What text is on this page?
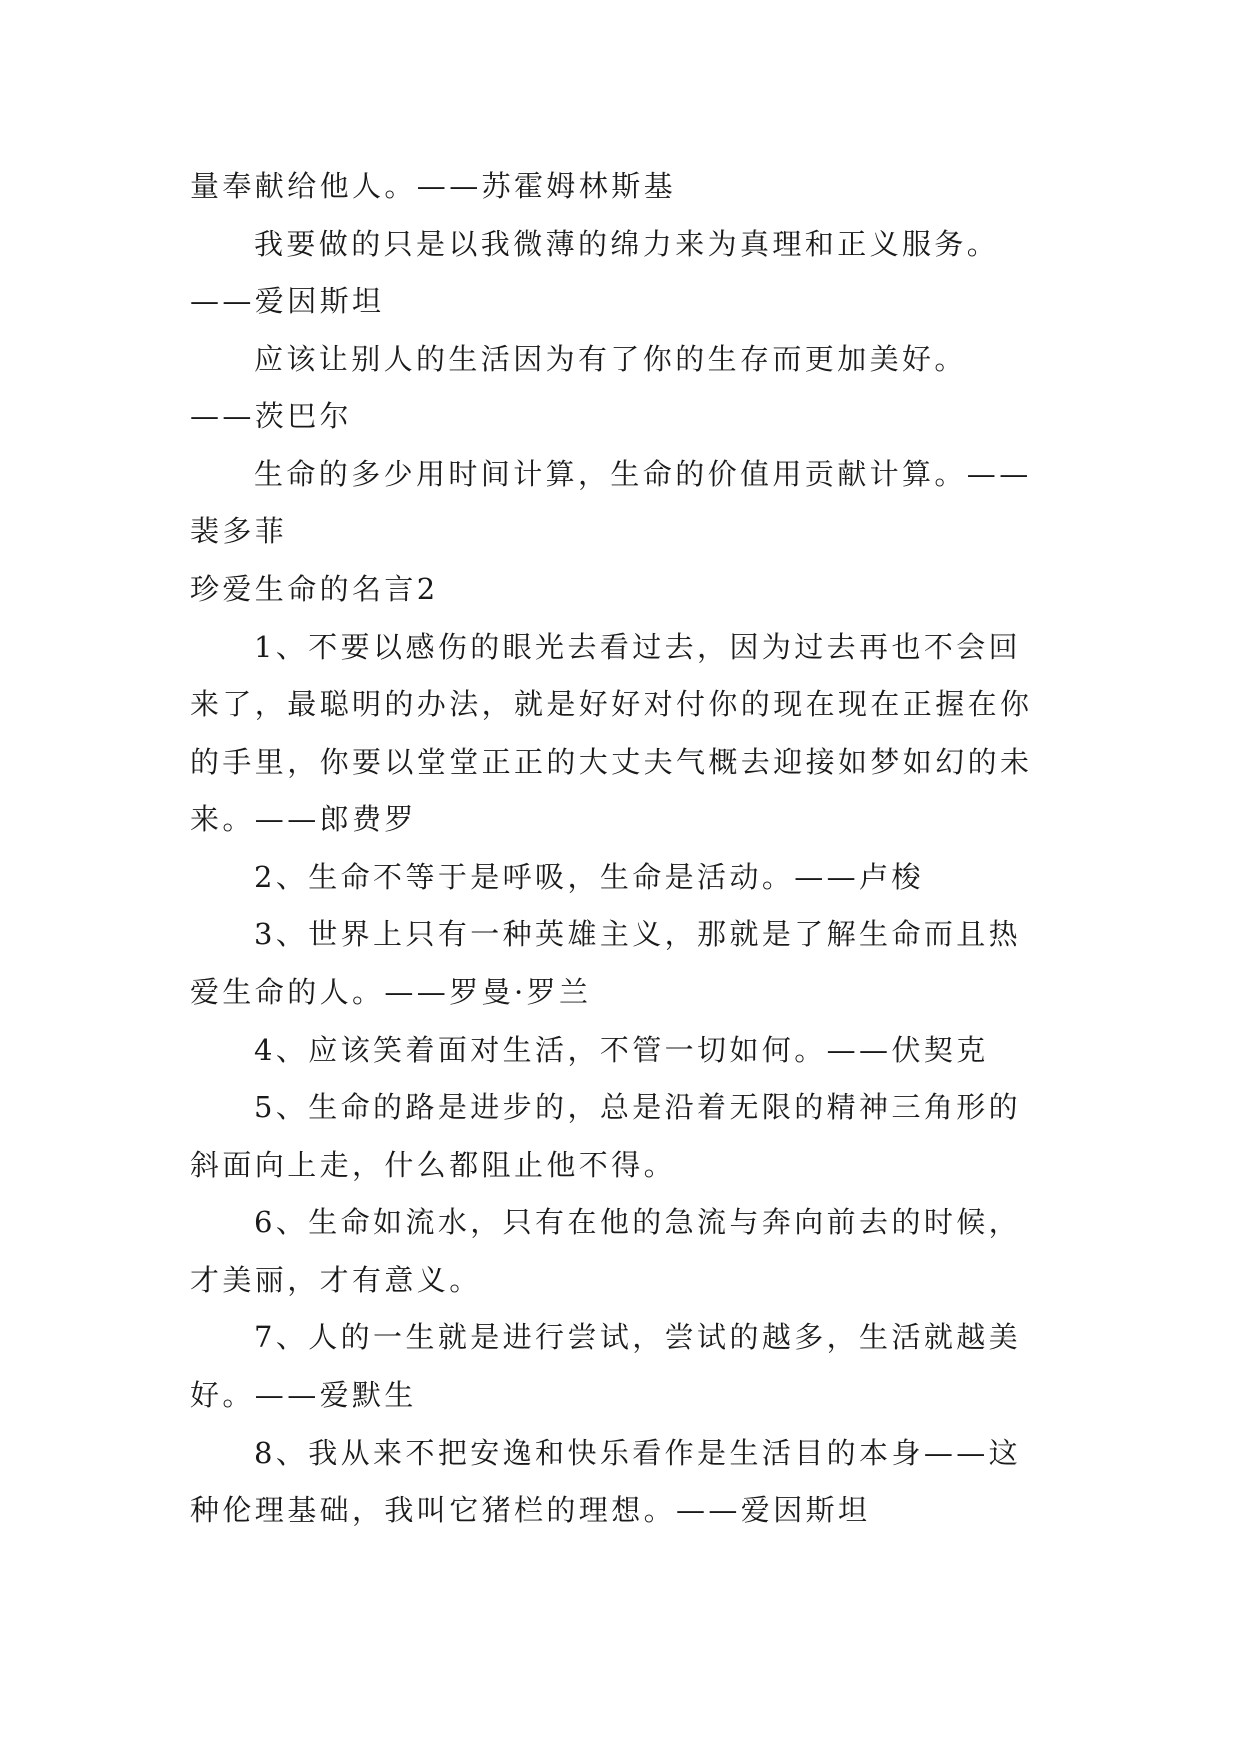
量奉献给他人。——苏霍姆林斯基
我要做的只是以我微薄的绵力来为真理和正义服务。
——爱因斯坦
应该让别人的生活因为有了你的生存而更加美好。
——茨巴尔
生命的多少用时间计算，生命的价值用贡献计算。——
裴多菲
珍爱生命的名言2
1、不要以感伤的眼光去看过去，因为过去再也不会回
来了，最聪明的办法，就是好好对付你的现在现在正握在你
的手里，你要以堂堂正正的大丈夫气概去迎接如梦如幻的未
来。——郎费罗
2、生命不等于是呼吸，生命是活动。——卢梭
3、世界上只有一种英雄主义，那就是了解生命而且热
爱生命的人。——罗曼·罗兰
4、应该笑着面对生活，不管一切如何。——伏契克
5、生命的路是进步的，总是沿着无限的精神三角形的
斜面向上走，什么都阻止他不得。
6、生命如流水，只有在他的急流与奔向前去的时候，
才美丽，才有意义。
7、人的一生就是进行尝试，尝试的越多，生活就越美
好。——爱默生
8、我从来不把安逸和快乐看作是生活目的本身——这
种伦理基础，我叫它猪栏的理想。——爱因斯坦
